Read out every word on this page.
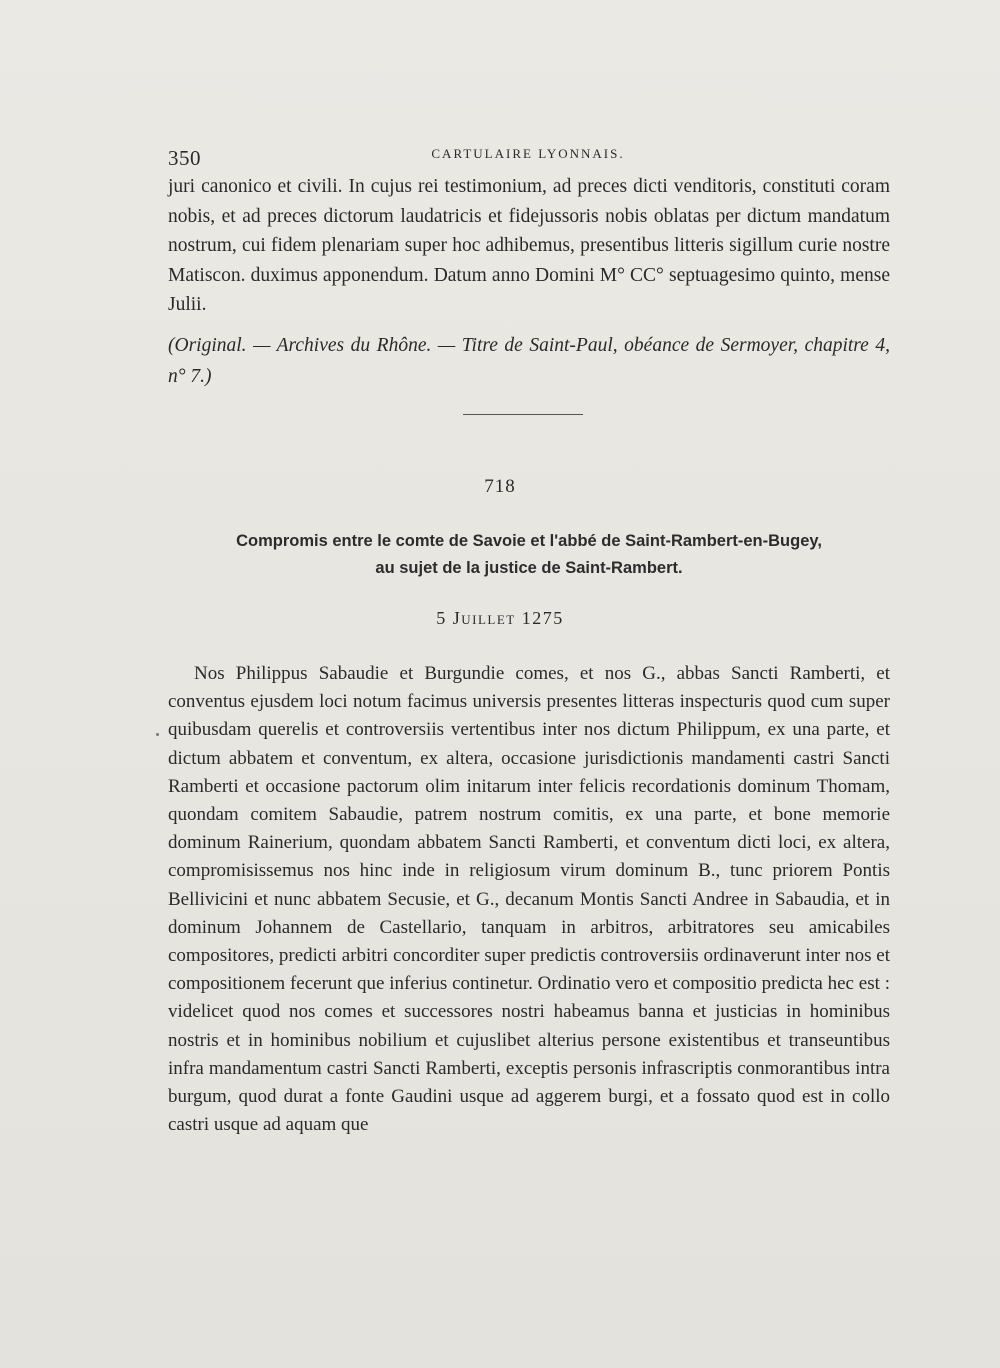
350	CARTULAIRE LYONNAIS.

juri canonico et civili. In cujus rei testimonium, ad preces dicti venditoris, constituti coram nobis, et ad preces dictorum laudatricis et fidejussoris nobis oblatas per dictum mandatum nostrum, cui fidem plenariam super hoc adhibemus, presentibus litteris sigillum curie nostre Matiscon. duximus apponendum. Datum anno Domini M° CC° septuagesimo quinto, mense Julii.

(Original. — Archives du Rhône. — Titre de Saint-Paul, obéance de Sermoyer, chapitre 4, n° 7.)
718
Compromis entre le comte de Savoie et l'abbé de Saint-Rambert-en-Bugey,
au sujet de la justice de Saint-Rambert.
5 Juillet 1275

Nos Philippus Sabaudie et Burgundie comes, et nos G., abbas Sancti Ramberti, et conventus ejusdem loci notum facimus universis presentes litteras inspecturis quod cum super quibusdam querelis et controversiis vertentibus inter nos dictum Philippum, ex una parte, et dictum abbatem et conventum, ex altera, occasione jurisdictionis mandamenti castri Sancti Ramberti et occasione pactorum olim initarum inter felicis recordationis dominum Thomam, quondam comitem Sabaudie, patrem nostrum comitis, ex una parte, et bone memorie dominum Rainerium, quondam abbatem Sancti Ramberti, et conventum dicti loci, ex altera, compromisissemus nos hinc inde in religiosum virum dominum B., tunc priorem Pontis Bellivicini et nunc abbatem Secusie, et G., decanum Montis Sancti Andree in Sabaudia, et in dominum Johannem de Castellario, tanquam in arbitros, arbitratores seu amicabiles compositores, predicti arbitri concorditer super predictis controversiis ordinaverunt inter nos et compositionem fecerunt que inferius continetur. Ordinatio vero et compositio predicta hec est : videlicet quod nos comes et successores nostri habeamus banna et justicias in hominibus nostris et in hominibus nobilium et cujuslibet alterius persone existentibus et transeuntibus infra mandamentum castri Sancti Ramberti, exceptis personis infrascriptis conmorantibus intra burgum, quod durat a fonte Gaudini usque ad aggerem burgi, et a fossato quod est in collo castri usque ad aquam que
